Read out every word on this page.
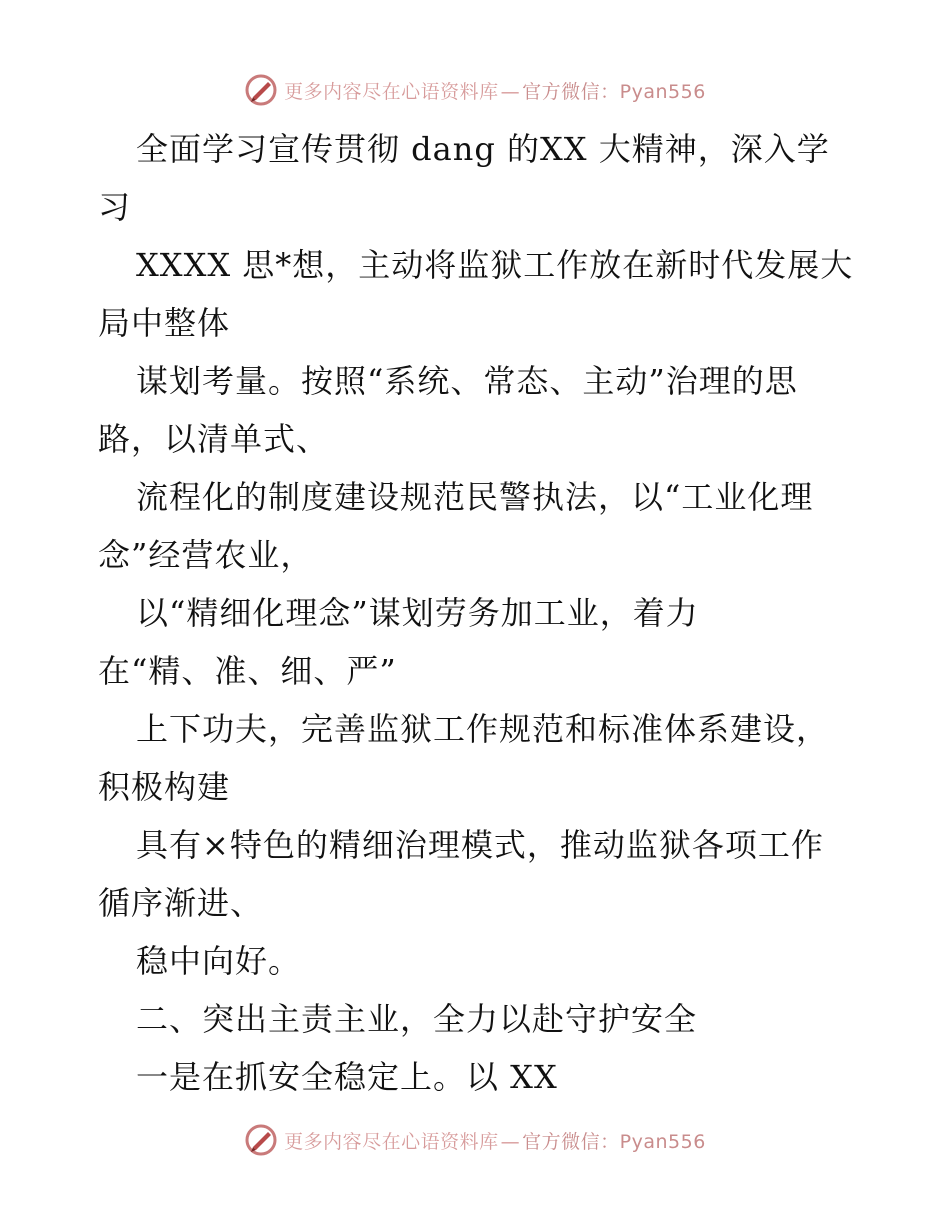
更多内容尽在心语资料库 — 官方微信：Pyan556
全面学习宣传贯彻 dang 的XX 大精神，深入学
习
XXXX 思*想，主动将监狱工作放在新时代发展大
局中整体
谋划考量。按照“系统、常态、主动”治理的思
路，以清单式、
流程化的制度建设规范民警执法，以“工业化理
念”经营农业，
以“精细化理念”谋划劳务加工业，着力
在“精、准、细、严”
上下功夫，完善监狱工作规范和标准体系建设，
积极构建
具有×特色的精细治理模式，推动监狱各项工作
循序渐进、
稳中向好。
二、突出主责主业，全力以赴守护安全
一是在抓安全稳定上。以 XX
更多内容尽在心语资料库 — 官方微信：Pyan556
